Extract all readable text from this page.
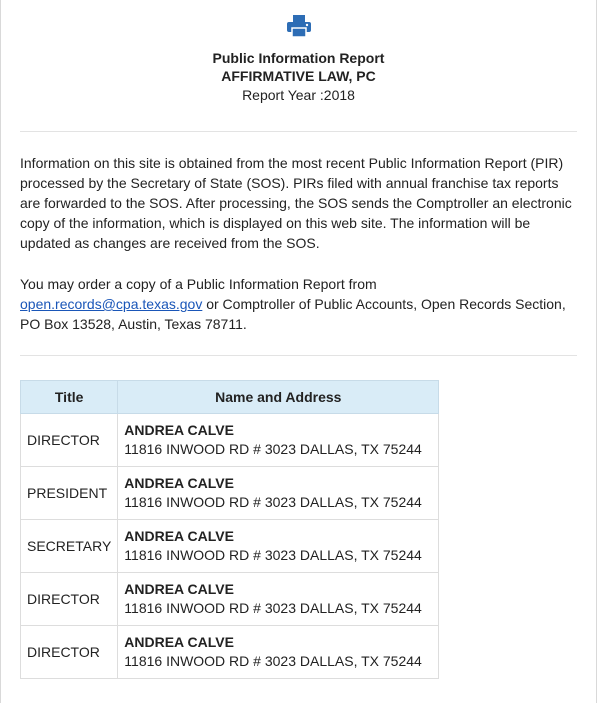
Public Information Report
AFFIRMATIVE LAW, PC
Report Year :2018

Information on this site is obtained from the most recent Public Information Report (PIR) processed by the Secretary of State (SOS). PIRs filed with annual franchise tax reports are forwarded to the SOS. After processing, the SOS sends the Comptroller an electronic copy of the information, which is displayed on this web site. The information will be updated as changes are received from the SOS.

You may order a copy of a Public Information Report from
open.records@cpa.texas.gov or Comptroller of Public Accounts, Open Records Section, PO Box 13528, Austin, Texas 78711.

Title	Name and Address
DIRECTOR	ANDREA CALVE
11816 INWOOD RD # 3023 DALLAS, TX 75244

PRESIDENT	ANDREA CALVE
11816 INWOOD RD # 3023 DALLAS, TX 75244

SECRETARY	ANDREA CALVE
11816 INWOOD RD # 3023 DALLAS, TX 75244

DIRECTOR	ANDREA CALVE
11816 INWOOD RD # 3023 DALLAS, TX 75244

DIRECTOR	ANDREA CALVE
11816 INWOOD RD # 3023 DALLAS, TX 75244
